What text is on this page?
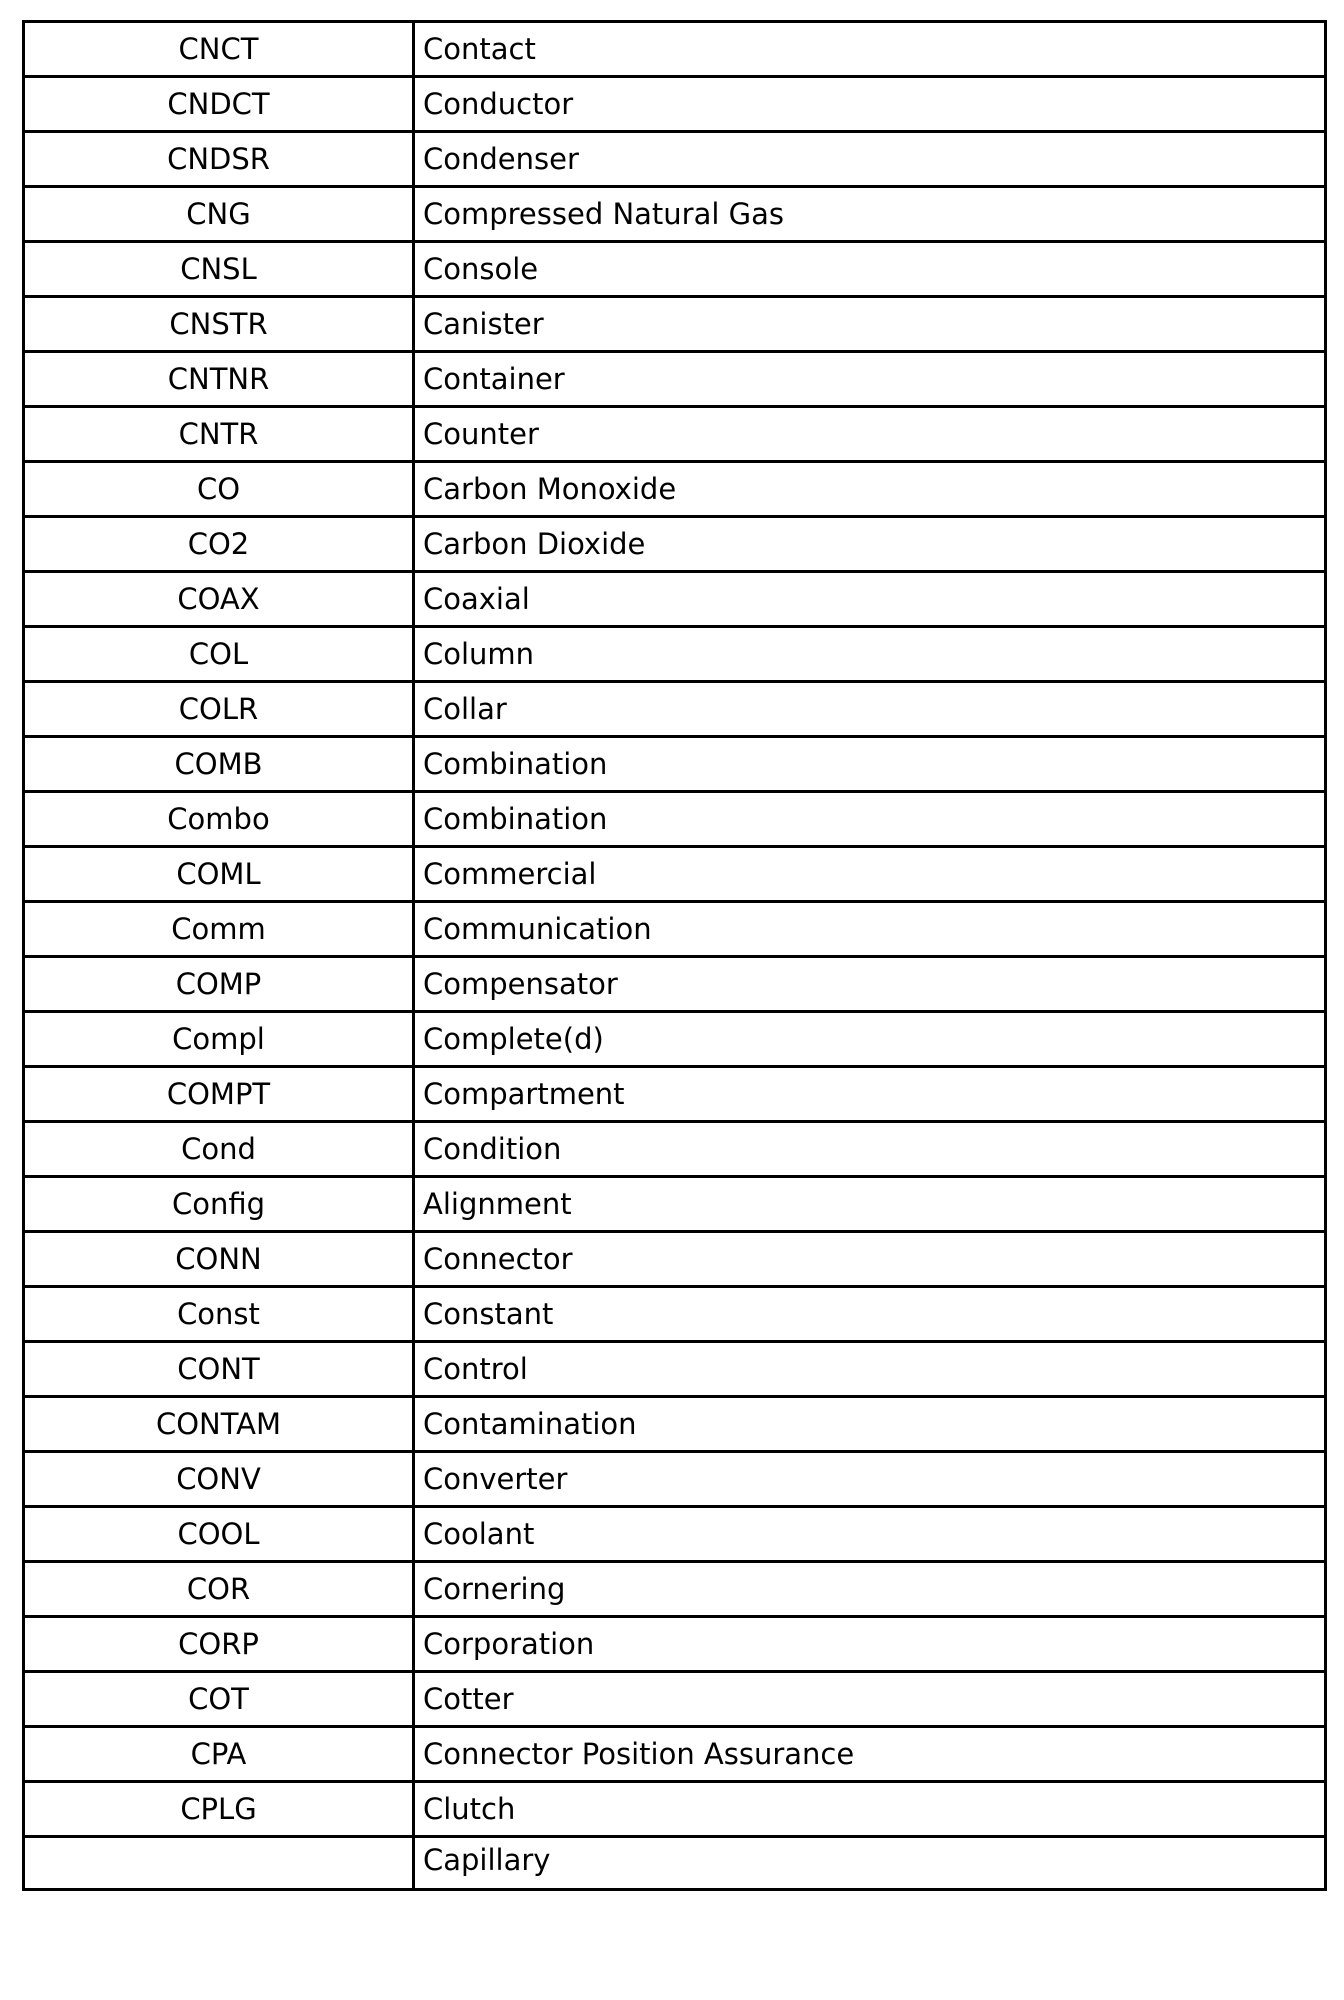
CNCT	Contact
CNDCT	Conductor
CNDSR	Condenser
CNG	Compressed Natural Gas
CNSL	Console
CNSTR	Canister
CNTNR	Container
CNTR	Counter
CO	Carbon Monoxide
CO2	Carbon Dioxide
COAX	Coaxial
COL	Column
COLR	Collar
COMB	Combination
Combo	Combination
COML	Commercial
Comm	Communication
COMP	Compensator
Compl	Complete(d)
COMPT	Compartment
Cond	Condition
Config	Alignment
CONN	Connector
Const	Constant
CONT	Control
CONTAM	Contamination
CONV	Converter
COOL	Coolant
COR	Cornering
CORP	Corporation
COT	Cotter
CPA	Connector Position Assurance
CPLG	Clutch
	Capillary
